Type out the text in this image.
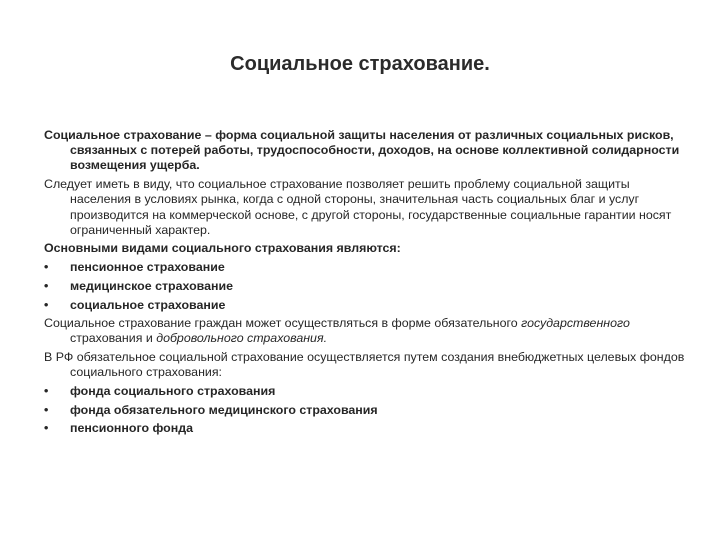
Социальное страхование.
Социальное страхование – форма социальной защиты населения от различных социальных рисков, связанных с потерей работы, трудоспособности, доходов, на основе коллективной солидарности возмещения ущерба.
Следует иметь в виду, что социальное страхование позволяет решить проблему социальной защиты населения в условиях рынка, когда с одной стороны, значительная часть социальных благ и услуг производится на коммерческой основе, с другой стороны, государственные социальные гарантии носят ограниченный характер.
Основными видами социального страхования являются:
• пенсионное страхование
• медицинское страхование
• социальное страхование
Социальное страхование граждан может осуществляться в форме обязательного государственного страхования и добровольного страхования.
В РФ обязательное социальной страхование осуществляется путем создания внебюджетных целевых фондов социального страхования:
• фонда социального страхования
• фонда обязательного медицинского страхования
• пенсионного фонда
